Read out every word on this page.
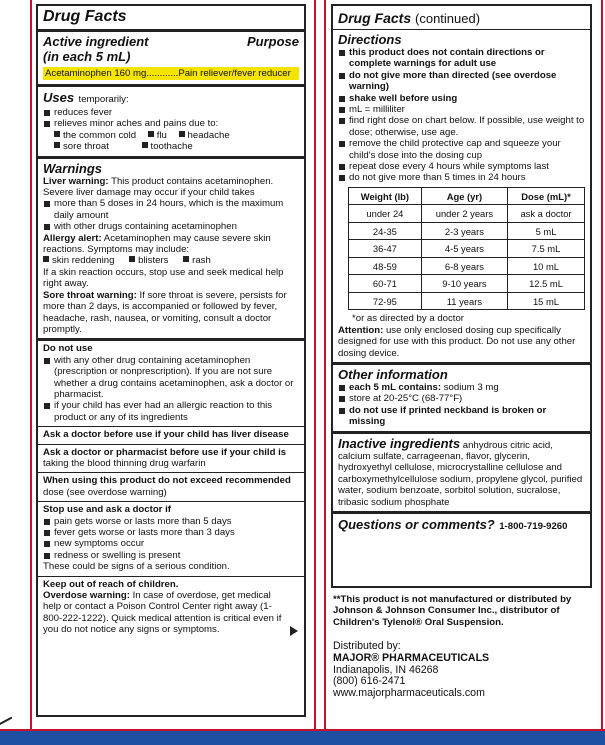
Drug Facts
Active ingredient
(in each 5 mL)
Purpose
Acetaminophen 160 mg............Pain reliever/fever reducer
Uses temporarily:
reduces fever
relieves minor aches and pains due to:
the common cold flu headache
sore throat	toothache
Warnings
Liver warning: This product contains acetaminophen. Severe liver damage may occur if your child takes
more than 5 doses in 24 hours, which is the maximum daily amount
with other drugs containing acetaminophen
Allergy alert: Acetaminophen may cause severe skin reactions. Symptoms may include:
skin reddening blisters rash
If a skin reaction occurs, stop use and seek medical help right away.
Sore throat warning: If sore throat is severe, persists for more than 2 days, is accompanied or followed by fever, headache, rash, nausea, or vomiting, consult a doctor promptly.
Do not use
with any other drug containing acetaminophen (prescription or nonprescription). If you are not sure whether a drug contains acetaminophen, ask a doctor or pharmacist.
if your child has ever had an allergic reaction to this product or any of its ingredients
Ask a doctor before use if your child has liver disease
Ask a doctor or pharmacist before use if your child is
taking the blood thinning drug warfarin
When using this product do not exceed recommended
dose (see overdose warning)
Stop use and ask a doctor if
pain gets worse or lasts more than 5 days
fever gets worse or lasts more than 3 days
new symptoms occur
redness or swelling is present
These could be signs of a serious condition.
Keep out of reach of children.
Overdose warning: In case of overdose, get medical help or contact a Poison Control Center right away (1-800-222-1222). Quick medical attention is critical even if you do not notice any signs or symptoms.
Drug Facts (continued)
Directions
this product does not contain directions or complete warnings for adult use
do not give more than directed (see overdose warning)
shake well before using
mL = milliliter
find right dose on chart below. If possible, use weight to dose; otherwise, use age.
remove the child protective cap and squeeze your child's dose into the dosing cup
repeat dose every 4 hours while symptoms last
do not give more than 5 times in 24 hours
Weight (lb)	Age (yr)	Dose (mL)*
under 24	under 2 years	ask a doctor
24-35	2-3 years	5 mL
36-47	4-5 years	7.5 mL
48-59	6-8 years	10 mL
60-71	9-10 years	12.5 mL
72-95	11 years	15 mL
*or as directed by a doctor
Attention: use only enclosed dosing cup specifically designed for use with this product. Do not use any other dosing device.
Other information
each 5 mL contains: sodium 3 mg
store at 20-25°C (68-77°F)
do not use if printed neckband is broken or missing
Inactive ingredients anhydrous citric acid, calcium sulfate, carrageenan, flavor, glycerin, hydroxyethyl cellulose, microcrystalline cellulose and carboxymethylcellulose sodium, propylene glycol, purified water, sodium benzoate, sorbitol solution, sucralose, tribasic sodium phosphate
Questions or comments? 1-800-719-9260
**This product is not manufactured or distributed by Johnson & Johnson Consumer Inc., distributor of Children's Tylenol® Oral Suspension.
Distributed by:
MAJOR® PHARMACEUTICALS
Indianapolis, IN 46268
(800) 616-2471
www.majorpharmaceuticals.com
